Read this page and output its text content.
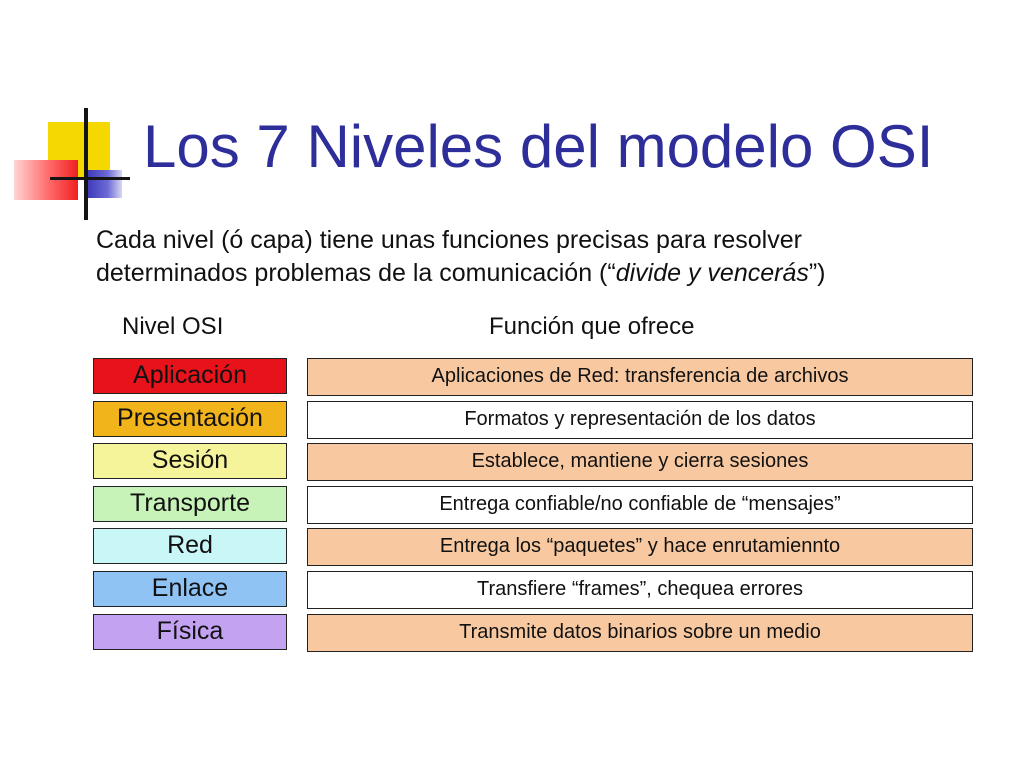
Los 7 Niveles del modelo OSI
Cada nivel (ó capa) tiene unas funciones precisas para resolver
determinados problemas de la comunicación (“divide y vencerás”)
Nivel OSI	Función que ofrece
Aplicación	Aplicaciones de Red: transferencia de archivos
Presentación	Formatos y representación de los datos
Sesión	Establece, mantiene y cierra sesiones
Transporte	Entrega confiable/no confiable de “mensajes”
Red	Entrega los “paquetes” y hace enrutamiennto
Enlace	Transfiere “frames”, chequea errores
Física	Transmite datos binarios sobre un medio
